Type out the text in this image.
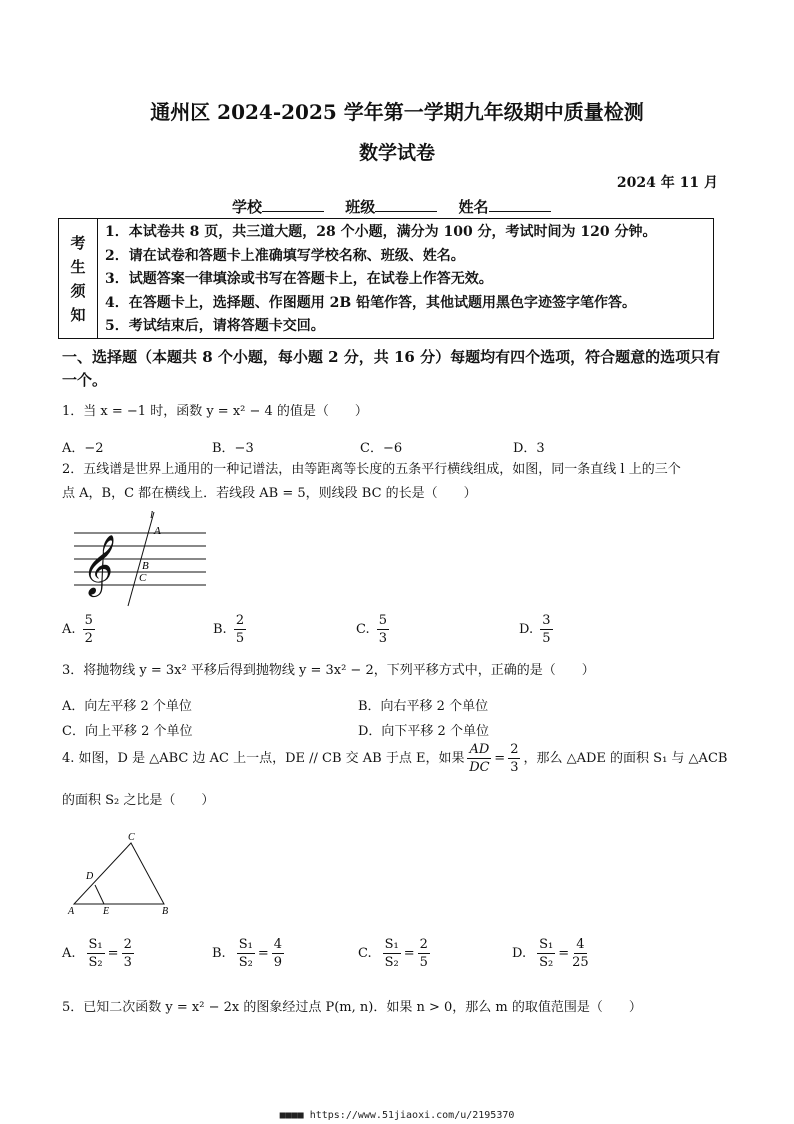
通州区 2024-2025 学年第一学期九年级期中质量检测
数学试卷
2024 年 11 月
学校	班级	姓名
考
生
须
知
1．本试卷共 8 页，共三道大题，28 个小题，满分为 100 分，考试时间为 120 分钟。
2．请在试卷和答题卡上准确填写学校名称、班级、姓名。
3．试题答案一律填涂或书写在答题卡上，在试卷上作答无效。
4．在答题卡上，选择题、作图题用 2B 铅笔作答，其他试题用黑色字迹签字笔作答。
5．考试结束后，请将答题卡交回。
一、选择题（本题共 8 个小题，每小题 2 分，共 16 分）每题均有四个选项，符合题意的选项只有一个。
1．当 x = −1 时，函数 y = x² − 4 的值是（　　）
A．−2	B．−3	C．−6	D．3
2．五线谱是世界上通用的一种记谱法，由等距离等长度的五条平行横线组成，如图，同一条直线 l 上的三个
点 A，B，C 都在横线上．若线段 AB = 5，则线段 BC 的长是（　　）
𝄞
l
A
B
C
A. $\frac{5}{2}$	B. $\frac{2}{5}$	C. $\frac{5}{3}$	D. $\frac{3}{5}$
3．将抛物线 y = 3x² 平移后得到抛物线 y = 3x² − 2，下列平移方式中，正确的是（　　）
A．向左平移 2 个单位	B．向右平移 2 个单位
C．向上平移 2 个单位	D．向下平移 2 个单位
4. 如图，D 是 △ABC 边 AC 上一点，DE // CB 交 AB 于点 E，如果 $\frac{AD}{DC} = \frac{2}{3}$ ，那么 △ADE 的面积 S₁ 与 △ACB
的面积 S₂ 之比是（　　）
C
D
A	E	B
A. $\frac{\text{S₁}}{\text{S₂}} = \frac{2}{3}$	B. $\frac{\text{S₁}}{\text{S₂}} = \frac{4}{9}$	C. $\frac{\text{S₁}}{\text{S₂}} = \frac{2}{5}$	D. $\frac{\text{S₁}}{\text{S₂}} = \frac{4}{25}$
5．已知二次函数 y = x² − 2x 的图象经过点 P(m, n)．如果 n > 0，那么 m 的取值范围是（　　）
■■■■ https://www.51jiaoxi.com/u/2195370
